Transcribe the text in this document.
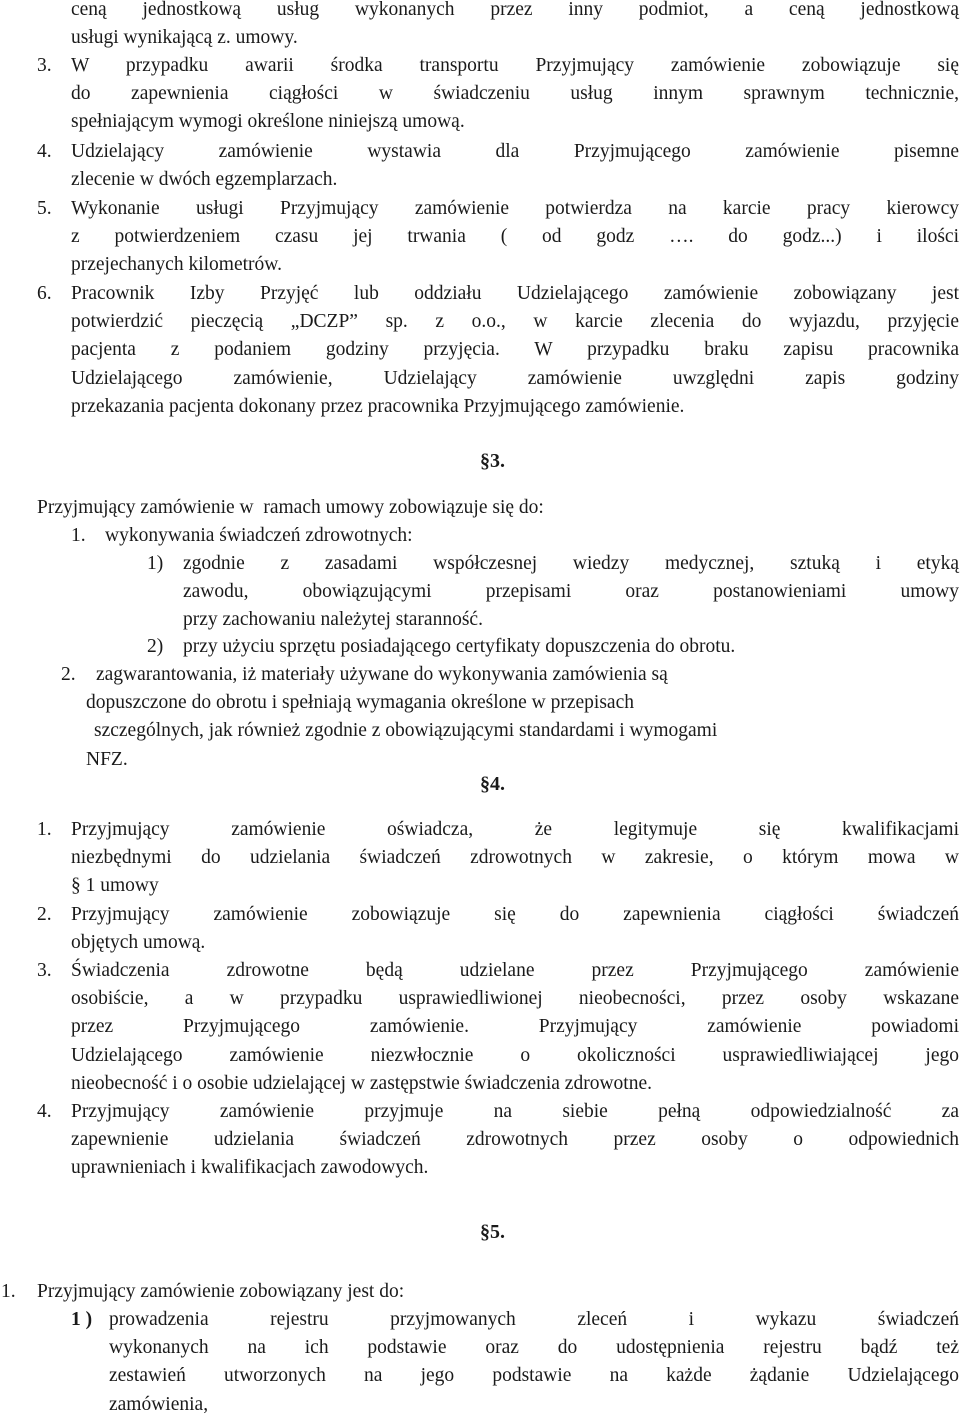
ceną jednostkową usług wykonanych przez inny podmiot, a ceną jednostkową
usługi wynikającą z. umowy.
3. W przypadku awarii środka transportu Przyjmujący zamówienie zobowiązuje się
do zapewnienia ciągłości w świadczeniu usług innym sprawnym technicznie,
spełniającym wymogi określone niniejszą umową.
4. Udzielający zamówienie wystawia dla Przyjmującego zamówienie pisemne
zlecenie w dwóch egzemplarzach.
5. Wykonanie usługi Przyjmujący zamówienie potwierdza na karcie pracy kierowcy
z potwierdzeniem czasu jej trwania ( od godz …. do godz...) i ilości
przejechanych kilometrów.
6. Pracownik Izby Przyjęć lub oddziału Udzielającego zamówienie zobowiązany jest
potwierdzić pieczęcią „DCZP” sp. z o.o., w karcie zlecenia do wyjazdu, przyjęcie
pacjenta z podaniem godziny przyjęcia. W przypadku braku zapisu pracownika
Udzielającego zamówienie, Udzielający zamówienie uwzględni zapis godziny
przekazania pacjenta dokonany przez pracownika Przyjmującego zamówienie.
§3.
Przyjmujący zamówienie w  ramach umowy zobowiązuje się do:
1. wykonywania świadczeń zdrowotnych:
1) zgodnie z zasadami współczesnej wiedzy medycznej, sztuką i etyką
zawodu, obowiązującymi przepisami oraz postanowieniami umowy
przy zachowaniu należytej staranność.
2) przy użyciu sprzętu posiadającego certyfikaty dopuszczenia do obrotu.
2.	zagwarantowania, iż materiały używane do wykonywania zamówienia są
dopuszczone do obrotu i spełniają wymagania określone w przepisach
szczególnych, jak również zgodnie z obowiązującymi standardami i wymogami
NFZ.
§4.
1. Przyjmujący zamówienie oświadcza, że legitymuje się kwalifikacjami
niezbędnymi do udzielania świadczeń zdrowotnych w zakresie, o którym mowa w
§ 1 umowy
2. Przyjmujący zamówienie zobowiązuje się do zapewnienia ciągłości świadczeń
objętych umową.
3. Świadczenia zdrowotne będą udzielane przez Przyjmującego zamówienie
osobiście, a w przypadku usprawiedliwionej nieobecności, przez osoby wskazane
przez Przyjmującego zamówienie. Przyjmujący zamówienie powiadomi
Udzielającego zamówienie niezwłocznie o okoliczności usprawiedliwiającej jego
nieobecność i o osobie udzielającej w zastępstwie świadczenia zdrowotne.
4. Przyjmujący zamówienie przyjmuje na siebie pełną odpowiedzialność za
zapewnienie udzielania świadczeń zdrowotnych przez osoby o odpowiednich
uprawnieniach i kwalifikacjach zawodowych.
§5.
1. Przyjmujący zamówienie zobowiązany jest do:
1 ) prowadzenia rejestru przyjmowanych zleceń i wykazu świadczeń
wykonanych na ich podstawie oraz do udostępnienia rejestru bądź też
zestawień utworzonych na jego podstawie na każde żądanie Udzielającego
zamówienia,
